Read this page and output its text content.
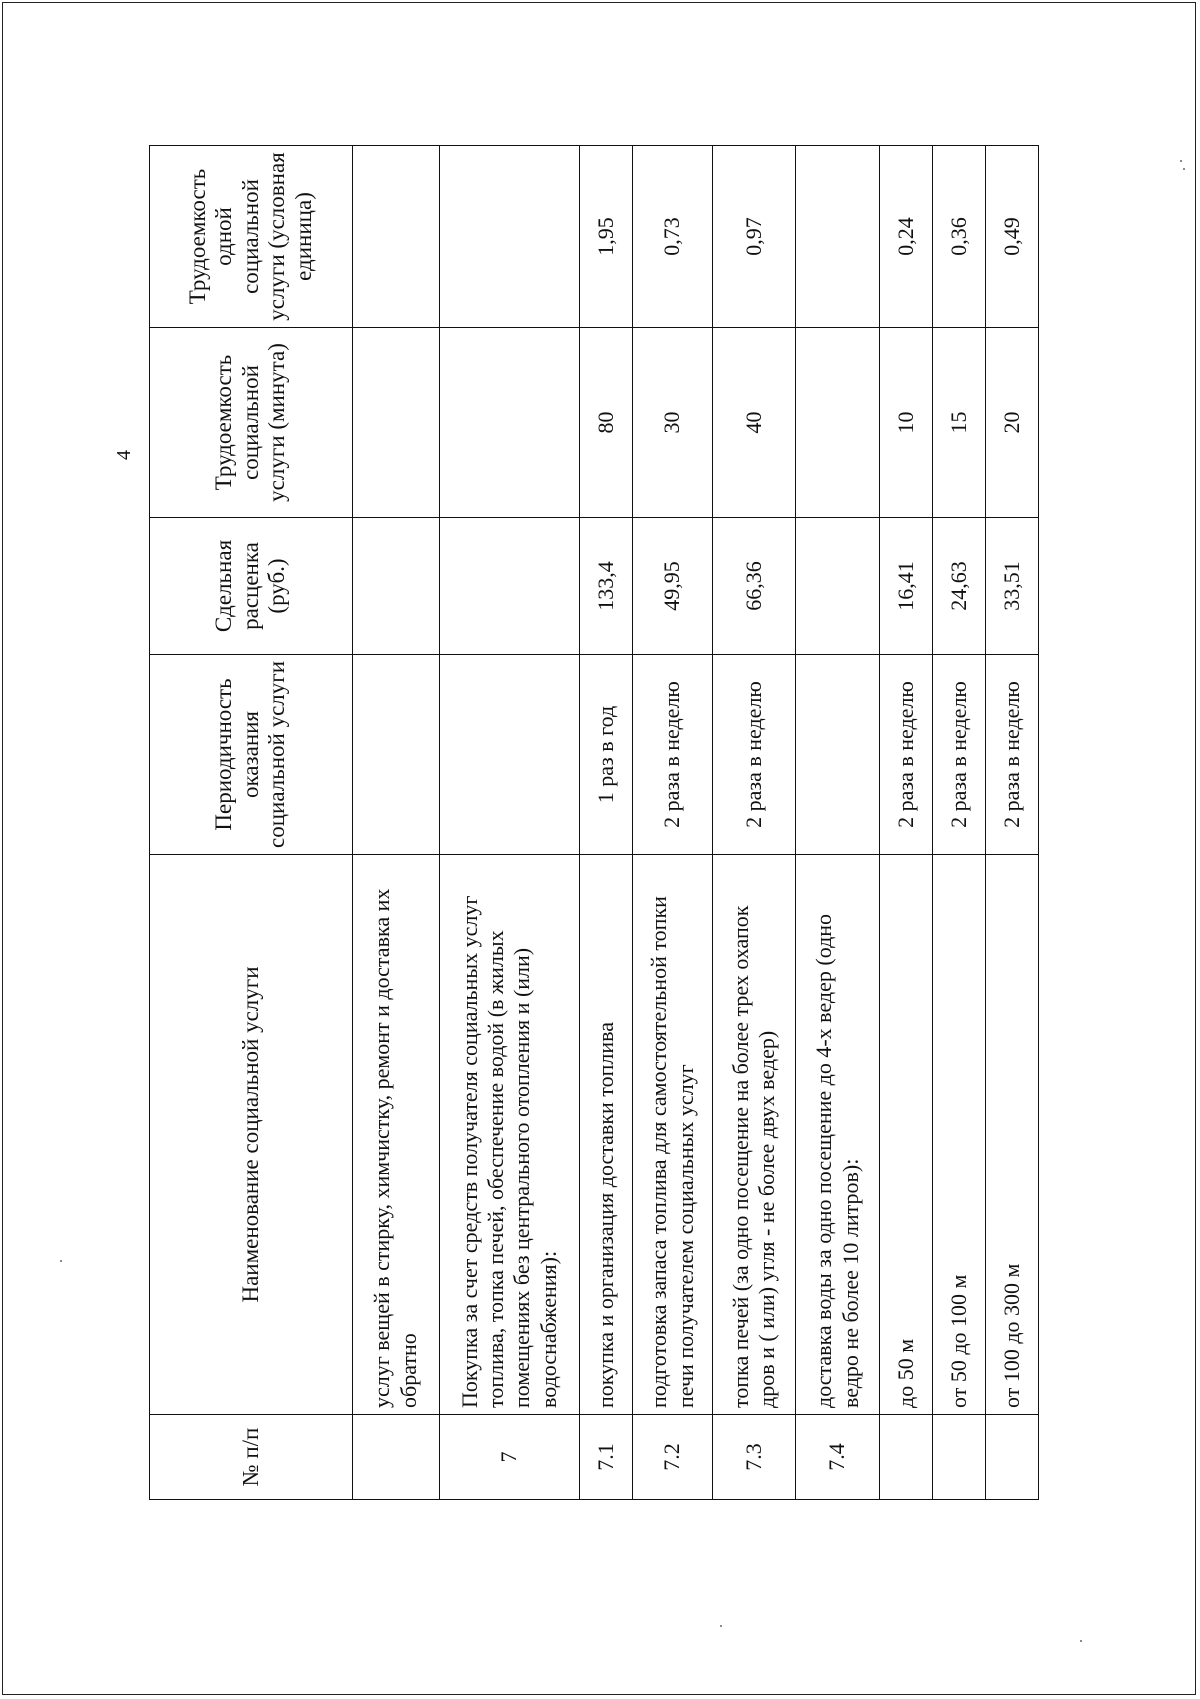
4
№ п/п	Наименование социальной услуги	Периодичность оказания социальной услуги	Сдельная расценка (руб.)	Трудоемкость социальной услуги (минута)	Трудоемкость одной социальной услуги (условная единица)
	услуг вещей в стирку, химчистку, ремонт и доставка их обратно				
7	Покупка за счет средств получателя социальных услуг топлива, топка печей, обеспечение водой (в жилых помещениях без центрального отопления и (или) водоснабжения):				
7.1	покупка и организация доставки топлива	1 раз в год	133,4	80	1,95
7.2	подготовка запаса топлива для самостоятельной топки печи получателем социальных услуг	2 раза в неделю	49,95	30	0,73
7.3	топка печей (за одно посещение на более трех охапок дров и ( или) угля - не более двух ведер)	2 раза в неделю	66,36	40	0,97
7.4	доставка воды за одно посещение до 4-х ведер (одно ведро не более 10 литров):				
	до 50 м	2 раза в неделю	16,41	10	0,24
	от 50 до 100 м	2 раза в неделю	24,63	15	0,36
	от 100 до 300 м	2 раза в неделю	33,51	20	0,49
